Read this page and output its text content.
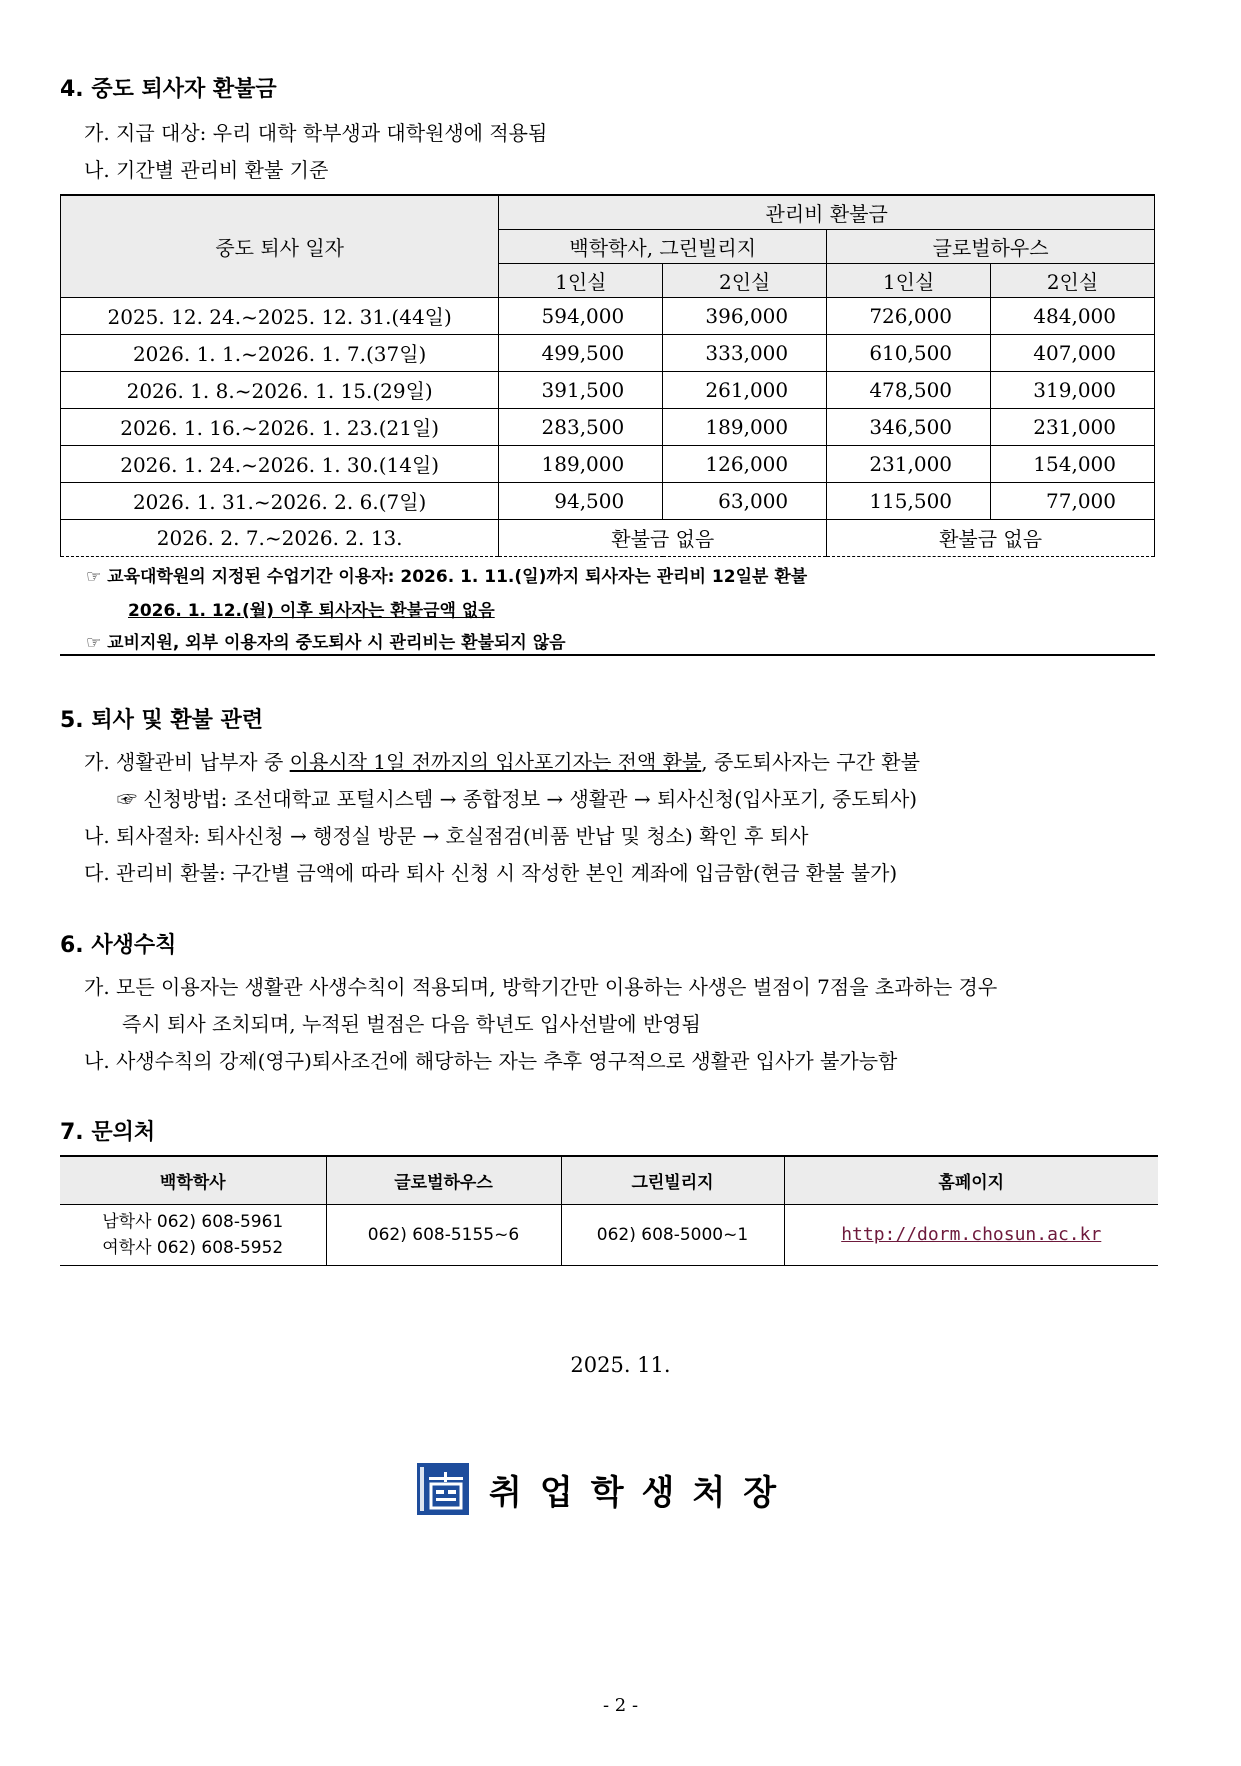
4. 중도 퇴사자 환불금
가. 지급 대상: 우리 대학 학부생과 대학원생에 적용됨
나. 기간별 관리비 환불 기준
중도 퇴사 일자	관리비 환불금			
	백학학사, 그린빌리지		글로벌하우스	
	1인실	2인실	1인실	2인실
2025. 12. 24.~2025. 12. 31.(44일)	594,000	396,000	726,000	484,000
2026. 1. 1.~2026. 1. 7.(37일)	499,500	333,000	610,500	407,000
2026. 1. 8.~2026. 1. 15.(29일)	391,500	261,000	478,500	319,000
2026. 1. 16.~2026. 1. 23.(21일)	283,500	189,000	346,500	231,000
2026. 1. 24.~2026. 1. 30.(14일)	189,000	126,000	231,000	154,000
2026. 1. 31.~2026. 2. 6.(7일)	94,500	63,000	115,500	77,000
2026. 2. 7.~2026. 2. 13.	환불금 없음		환불금 없음	
☞ 교육대학원의 지정된 수업기간 이용자: 2026. 1. 11.(일)까지 퇴사자는 관리비 12일분 환불
2026. 1. 12.(월) 이후 퇴사자는 환불금액 없음
☞ 교비지원, 외부 이용자의 중도퇴사 시 관리비는 환불되지 않음
5. 퇴사 및 환불 관련
가. 생활관비 납부자 중 이용시작 1일 전까지의 입사포기자는 전액 환불, 중도퇴사자는 구간 환불
☞ 신청방법: 조선대학교 포털시스템 → 종합정보 → 생활관 → 퇴사신청(입사포기, 중도퇴사)
나. 퇴사절차: 퇴사신청 → 행정실 방문 → 호실점검(비품 반납 및 청소) 확인 후 퇴사
다. 관리비 환불: 구간별 금액에 따라 퇴사 신청 시 작성한 본인 계좌에 입금함(현금 환불 불가)
6. 사생수칙
가. 모든 이용자는 생활관 사생수칙이 적용되며, 방학기간만 이용하는 사생은 벌점이 7점을 초과하는 경우
즉시 퇴사 조치되며, 누적된 벌점은 다음 학년도 입사선발에 반영됨
나. 사생수칙의 강제(영구)퇴사조건에 해당하는 자는 추후 영구적으로 생활관 입사가 불가능함
7. 문의처
백학학사	글로벌하우스	그린빌리지	홈페이지

남학사 062) 608-5961
여학사 062) 608-5952	062) 608-5155~6	062) 608-5000~1	http://dorm.chosun.ac.kr
2025. 11.
취업학생처장
- 2 -
